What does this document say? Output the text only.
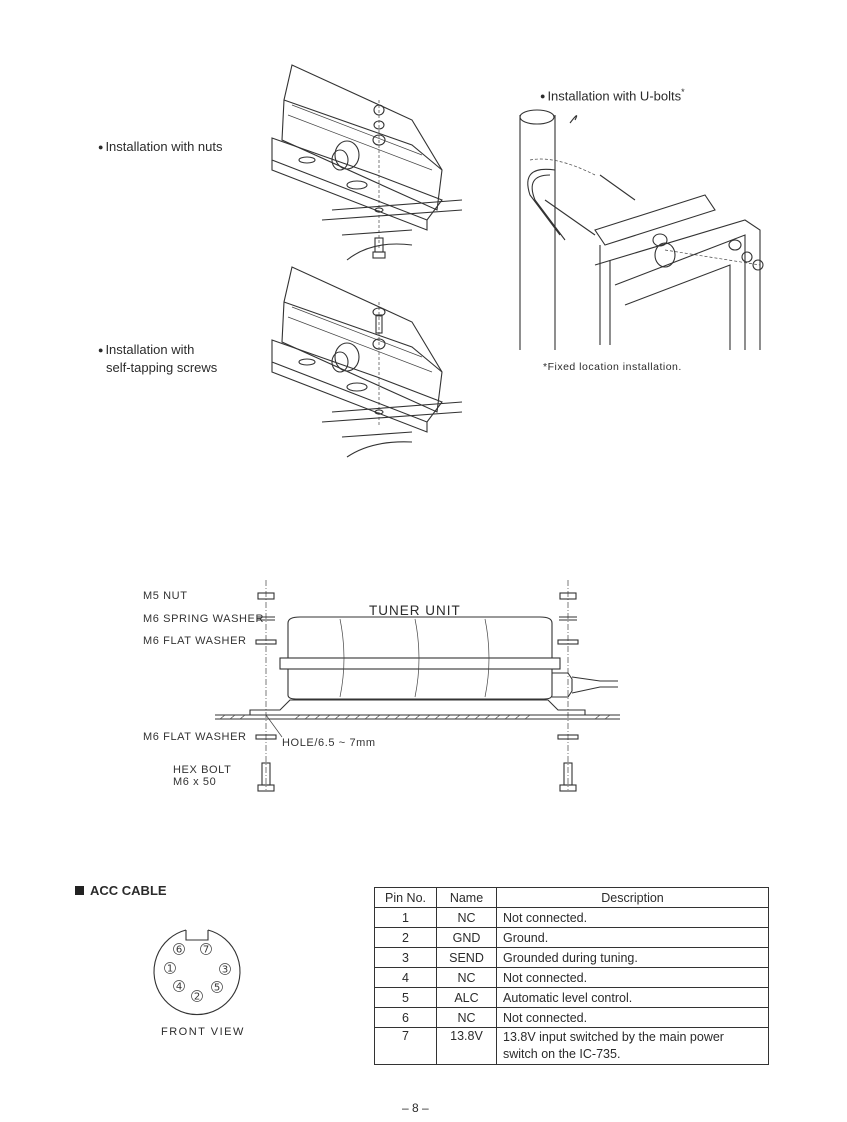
● Installation with nuts
● Installation with
self-tapping screws
● Installation with U-bolts*
*Fixed location installation.
M5 NUT
M6 SPRING WASHER
M6 FLAT WASHER
TUNER UNIT
M6 FLAT WASHER	HOLE/6.5 ~ 7mm
HEX BOLT
M6 x 50
ACC CABLE
6 7
1	3
4	5
2
FRONT VIEW
Pin No.	Name	Description
1	NC	Not connected.
2	GND	Ground.
3	SEND	Grounded during tuning.
4	NC	Not connected.
5	ALC	Automatic level control.
6	NC	Not connected.
7	13.8V	13.8V input switched by the main power switch on the IC-735.
– 8 –
